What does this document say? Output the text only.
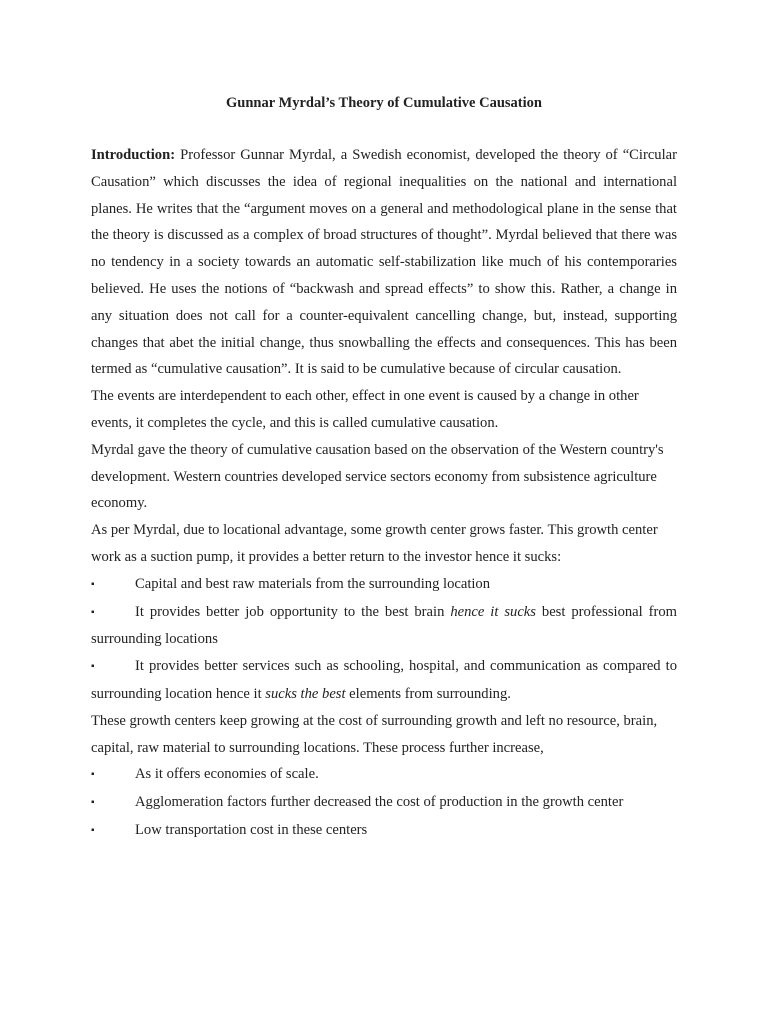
Gunnar Myrdal’s Theory of Cumulative Causation

Introduction: Professor Gunnar Myrdal, a Swedish economist, developed the theory of “Circular Causation” which discusses the idea of regional inequalities on the national and international planes. He writes that the “argument moves on a general and methodological plane in the sense that the theory is discussed as a complex of broad structures of thought”. Myrdal believed that there was no tendency in a society towards an automatic self-stabilization like much of his contemporaries believed. He uses the notions of “backwash and spread effects” to show this. Rather, a change in any situation does not call for a counter-equivalent cancelling change, but, instead, supporting changes that abet the initial change, thus snowballing the effects and consequences. This has been termed as “cumulative causation”. It is said to be cumulative because of circular causation.

The events are interdependent to each other, effect in one event is caused by a change in other events, it completes the cycle, and this is called cumulative causation.

Myrdal gave the theory of cumulative causation based on the observation of the Western country's development. Western countries developed service sectors economy from subsistence agriculture economy.

As per Myrdal, due to locational advantage, some growth center grows faster. This growth center work as a suction pump, it provides a better return to the investor hence it sucks:

▪	Capital and best raw materials from the surrounding location

▪	It provides better job opportunity to the best brain hence it sucks best professional from surrounding locations

▪	It provides better services such as schooling, hospital, and communication as compared to surrounding location hence it sucks the best elements from surrounding.

These growth centers keep growing at the cost of surrounding growth and left no resource, brain, capital, raw material to surrounding locations. These process further increase,

▪	As it offers economies of scale.

▪	Agglomeration factors further decreased the cost of production in the growth center

▪	Low transportation cost in these centers
